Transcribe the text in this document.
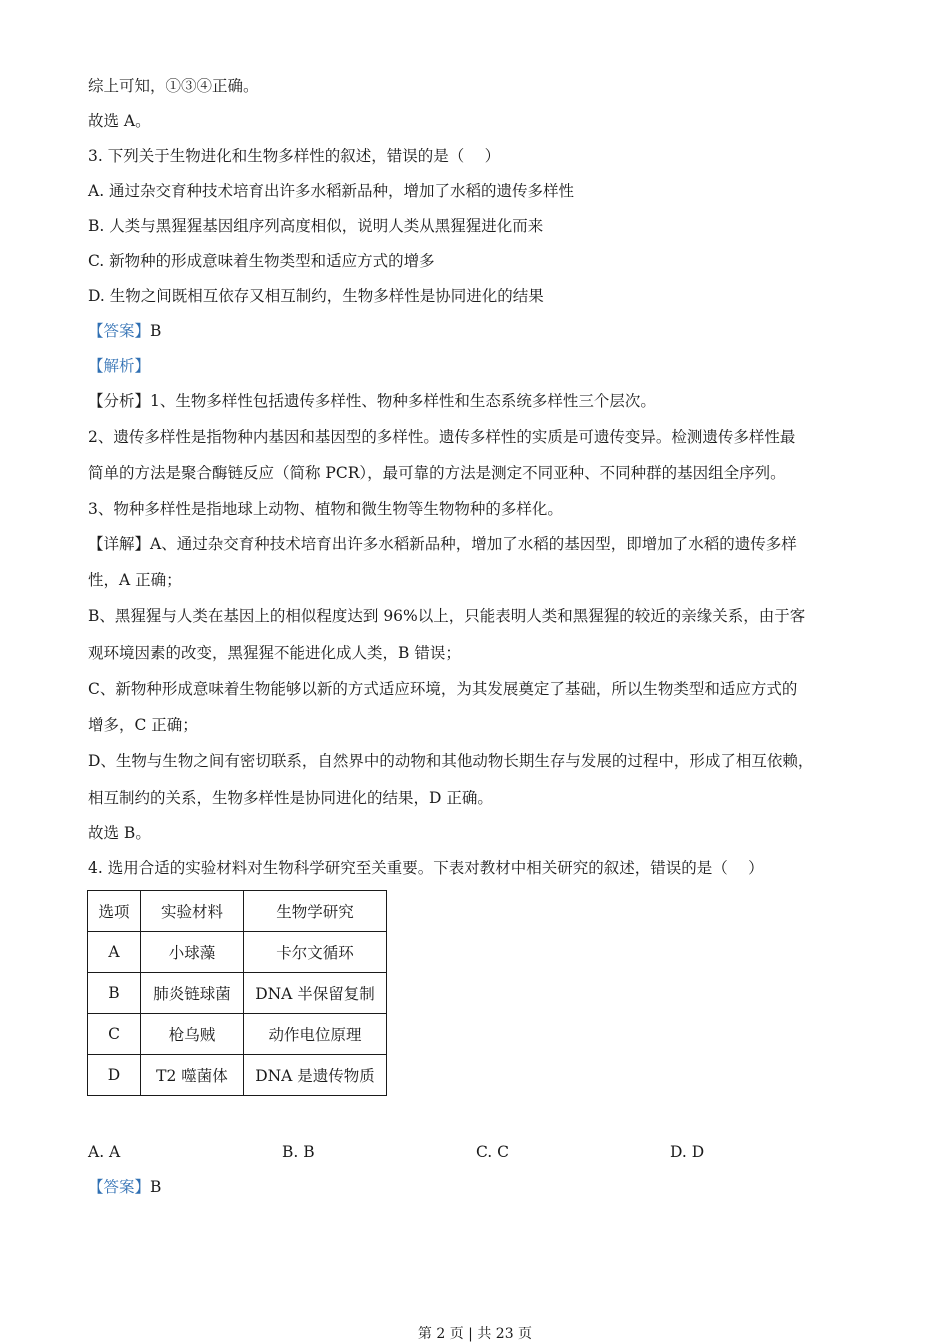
综上可知，①③④正确。
故选 A。
3. 下列关于生物进化和生物多样性的叙述，错误的是（　 ）
A. 通过杂交育种技术培育出许多水稻新品种，增加了水稻的遗传多样性
B. 人类与黑猩猩基因组序列高度相似，说明人类从黑猩猩进化而来
C. 新物种的形成意味着生物类型和适应方式的增多
D. 生物之间既相互依存又相互制约，生物多样性是协同进化的结果
【答案】B
【解析】
【分析】1、生物多样性包括遗传多样性、物种多样性和生态系统多样性三个层次。
2、遗传多样性是指物种内基因和基因型的多样性。遗传多样性的实质是可遗传变异。检测遗传多样性最
简单的方法是聚合酶链反应（简称 PCR），最可靠的方法是测定不同亚种、不同种群的基因组全序列。
3、物种多样性是指地球上动物、植物和微生物等生物物种的多样化。
【详解】A、通过杂交育种技术培育出许多水稻新品种，增加了水稻的基因型，即增加了水稻的遗传多样
性，A 正确；
B、黑猩猩与人类在基因上的相似程度达到 96%以上，只能表明人类和黑猩猩的较近的亲缘关系，由于客
观环境因素的改变，黑猩猩不能进化成人类，B 错误；
C、新物种形成意味着生物能够以新的方式适应环境，为其发展奠定了基础，所以生物类型和适应方式的
增多，C 正确；
D、生物与生物之间有密切联系，自然界中的动物和其他动物长期生存与发展的过程中，形成了相互依赖，
相互制约的关系，生物多样性是协同进化的结果，D 正确。
故选 B。
4. 选用合适的实验材料对生物科学研究至关重要。下表对教材中相关研究的叙述，错误的是（　 ）
选项	实验材料	生物学研究
A	小球藻	卡尔文循环
B	肺炎链球菌	DNA 半保留复制
C	枪乌贼	动作电位原理
D	T2 噬菌体	DNA 是遗传物质
A. A	B. B	C. C	D. D
【答案】B
第 2 页 | 共 23 页
